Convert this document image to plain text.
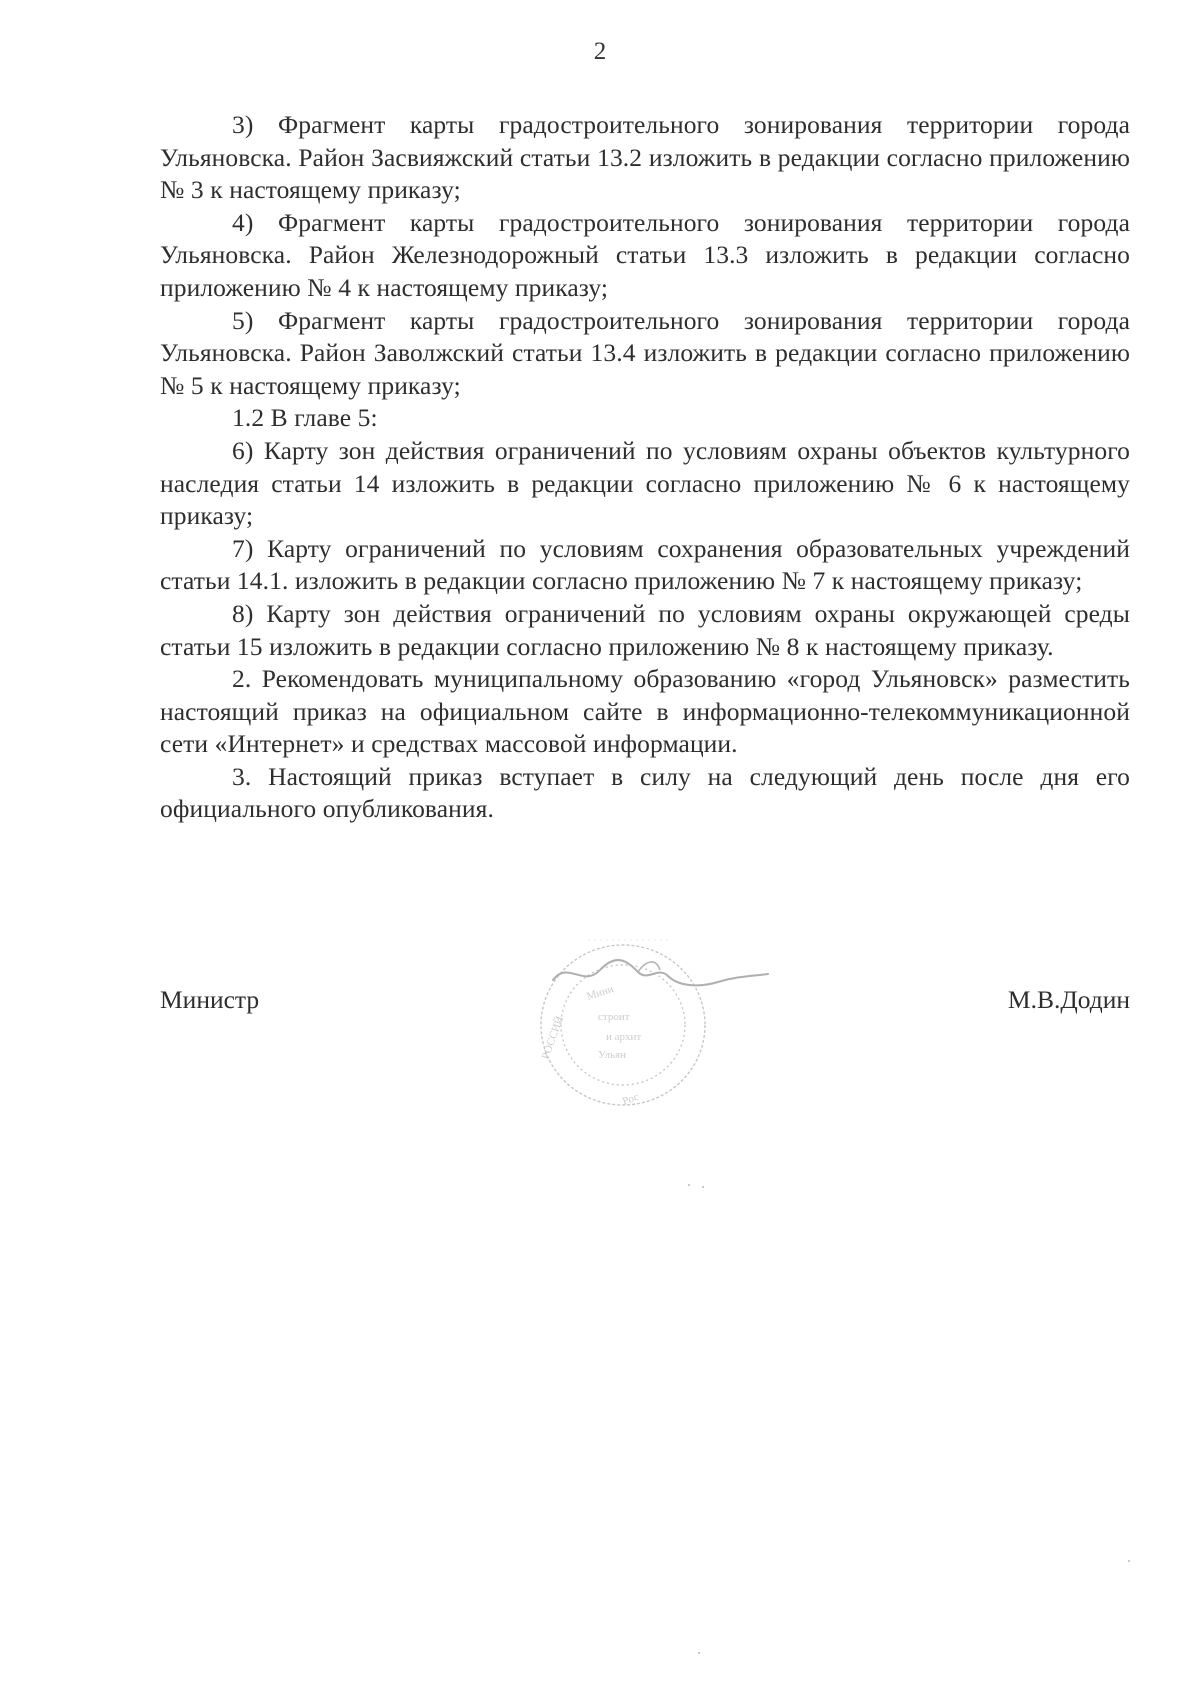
2

3) Фрагмент карты градостроительного зонирования территории города Ульяновска. Район Засвияжский статьи 13.2 изложить в редакции согласно приложению № 3 к настоящему приказу;

4) Фрагмент карты градостроительного зонирования территории города Ульяновска. Район Железнодорожный статьи 13.3 изложить в редакции согласно приложению № 4 к настоящему приказу;

5) Фрагмент карты градостроительного зонирования территории города Ульяновска. Район Заволжский статьи 13.4 изложить в редакции согласно приложению № 5 к настоящему приказу;

1.2 В главе 5:

6) Карту зон действия ограничений по условиям охраны объектов культурного наследия статьи 14 изложить в редакции согласно приложению № 6 к настоящему приказу;

7) Карту ограничений по условиям сохранения образовательных учреждений статьи 14.1. изложить в редакции согласно приложению № 7 к настоящему приказу;

8) Карту зон действия ограничений по условиям охраны окружающей среды статьи 15 изложить в редакции согласно приложению № 8 к настоящему приказу.

2. Рекомендовать муниципальному образованию «город Ульяновск» разместить настоящий приказ на официальном сайте в информационно-телекоммуникационной сети «Интернет» и средствах массовой информации.

3. Настоящий приказ вступает в силу на следующий день после дня его официального опубликования.

Министр	М.В.Додин
Мини
строит
и архит
Ульян
РОССИЙ
Рос
